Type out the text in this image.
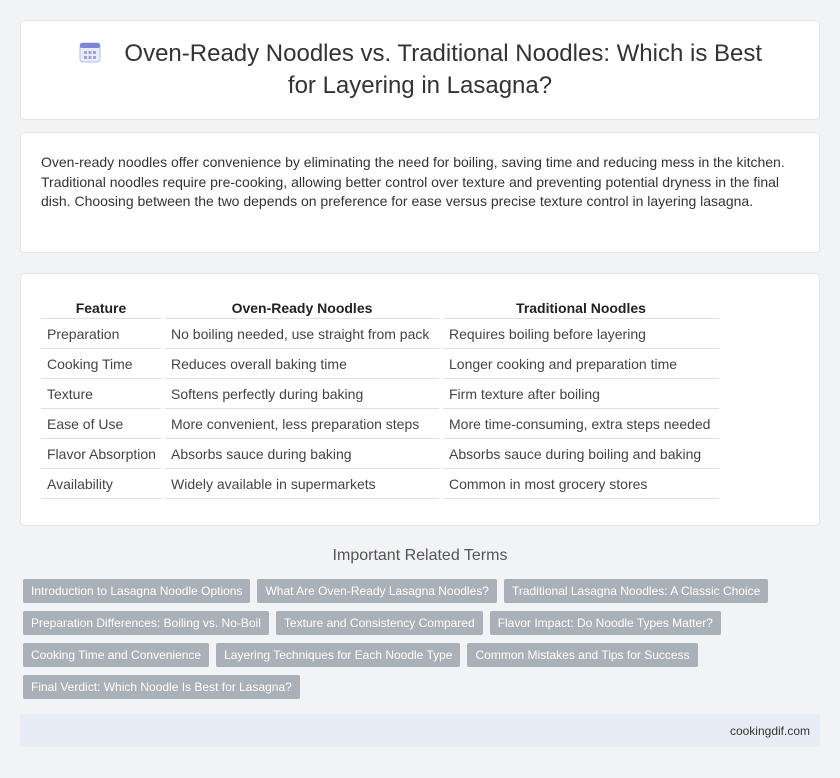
Oven-Ready Noodles vs. Traditional Noodles: Which is Best for Layering in Lasagna?

Oven-ready noodles offer convenience by eliminating the need for boiling, saving time and reducing mess in the kitchen. Traditional noodles require pre-cooking, allowing better control over texture and preventing potential dryness in the final dish. Choosing between the two depends on preference for ease versus precise texture control in layering lasagna.

Feature	Oven-Ready Noodles	Traditional Noodles
Preparation	No boiling needed, use straight from pack	Requires boiling before layering
Cooking Time	Reduces overall baking time	Longer cooking and preparation time
Texture	Softens perfectly during baking	Firm texture after boiling
Ease of Use	More convenient, less preparation steps	More time-consuming, extra steps needed
Flavor Absorption	Absorbs sauce during baking	Absorbs sauce during boiling and baking
Availability	Widely available in supermarkets	Common in most grocery stores
Important Related Terms
Introduction to Lasagna Noodle Options	What Are Oven-Ready Lasagna Noodles?	Traditional Lasagna Noodles: A Classic Choice
Preparation Differences: Boiling vs. No-Boil	Texture and Consistency Compared	Flavor Impact: Do Noodle Types Matter?
Cooking Time and Convenience	Layering Techniques for Each Noodle Type	Common Mistakes and Tips for Success
Final Verdict: Which Noodle Is Best for Lasagna?
cookingdif.com
